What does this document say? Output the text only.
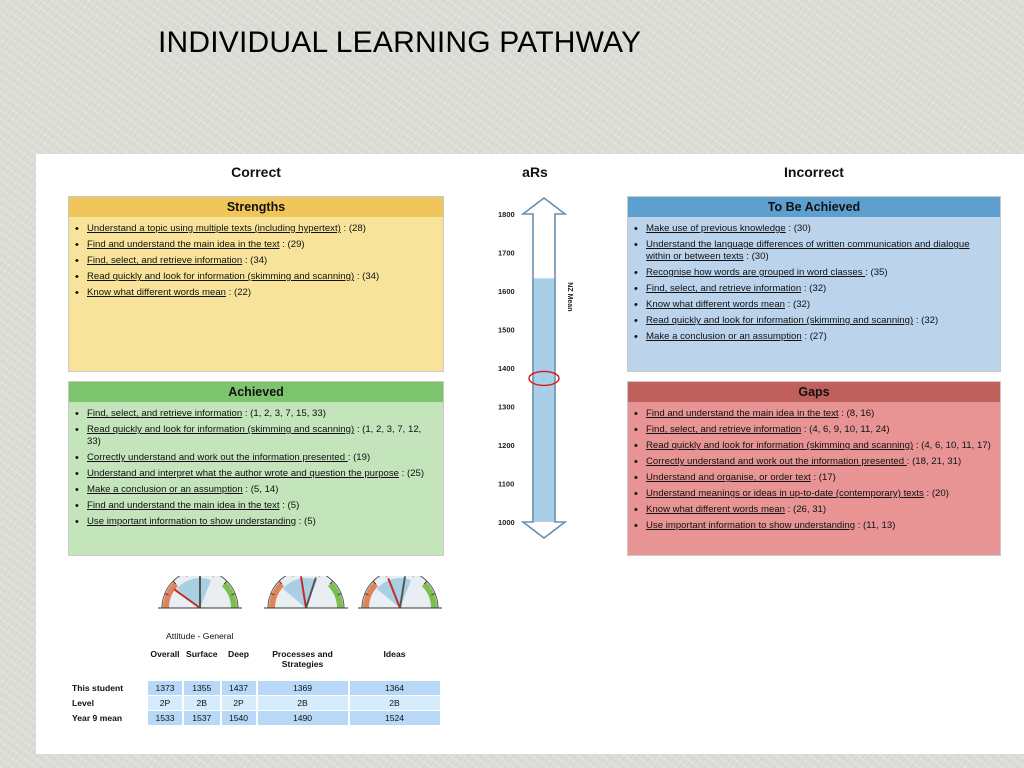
INDIVIDUAL LEARNING PATHWAY
Correct	aRs	Incorrect
Strengths
• Understand a topic using multiple texts (including hypertext) : (28)
• Find and understand the main idea in the text : (29)
• Find, select, and retrieve information : (34)
• Read quickly and look for information (skimming and scanning) : (34)
• Know what different words mean : (22)
Achieved
• Find, select, and retrieve information : (1, 2, 3, 7, 15, 33)
• Read quickly and look for information (skimming and scanning) : (1, 2, 3, 7, 12, 33)
• Correctly understand and work out the information presented : (19)
• Understand and interpret what the author wrote and question the purpose : (25)
• Make a conclusion or an assumption : (5, 14)
• Find and understand the main idea in the text : (5)
• Use important information to show understanding : (5)
To Be Achieved
• Make use of previous knowledge : (30)
• Understand the language differences of written communication and dialogue within or between texts : (30)
• Recognise how words are grouped in word classes : (35)
• Find, select, and retrieve information : (32)
• Know what different words mean : (32)
• Read quickly and look for information (skimming and scanning) : (32)
• Make a conclusion or an assumption : (27)
Gaps
• Find and understand the main idea in the text : (8, 16)
• Find, select, and retrieve information : (4, 6, 9, 10, 11, 24)
• Read quickly and look for information (skimming and scanning) : (4, 6, 10, 11, 17)
• Correctly understand and work out the information presented : (18, 21, 31)
• Understand and organise, or order text : (17)
• Understand meanings or ideas in up-to-date (contemporary) texts : (20)
• Know what different words mean : (26, 31)
• Use important information to show understanding : (11, 13)
1800
1700
1600
1500
1400
1300
1200
1100
1000
NZ Mean
Attitude - General
	Overall	Surface	Deep	Processes and Strategies	Ideas

This student	1373	1355	1437	1369	1364
Level	2P	2B	2P	2B	2B
Year 9 mean	1533	1537	1540	1490	1524
